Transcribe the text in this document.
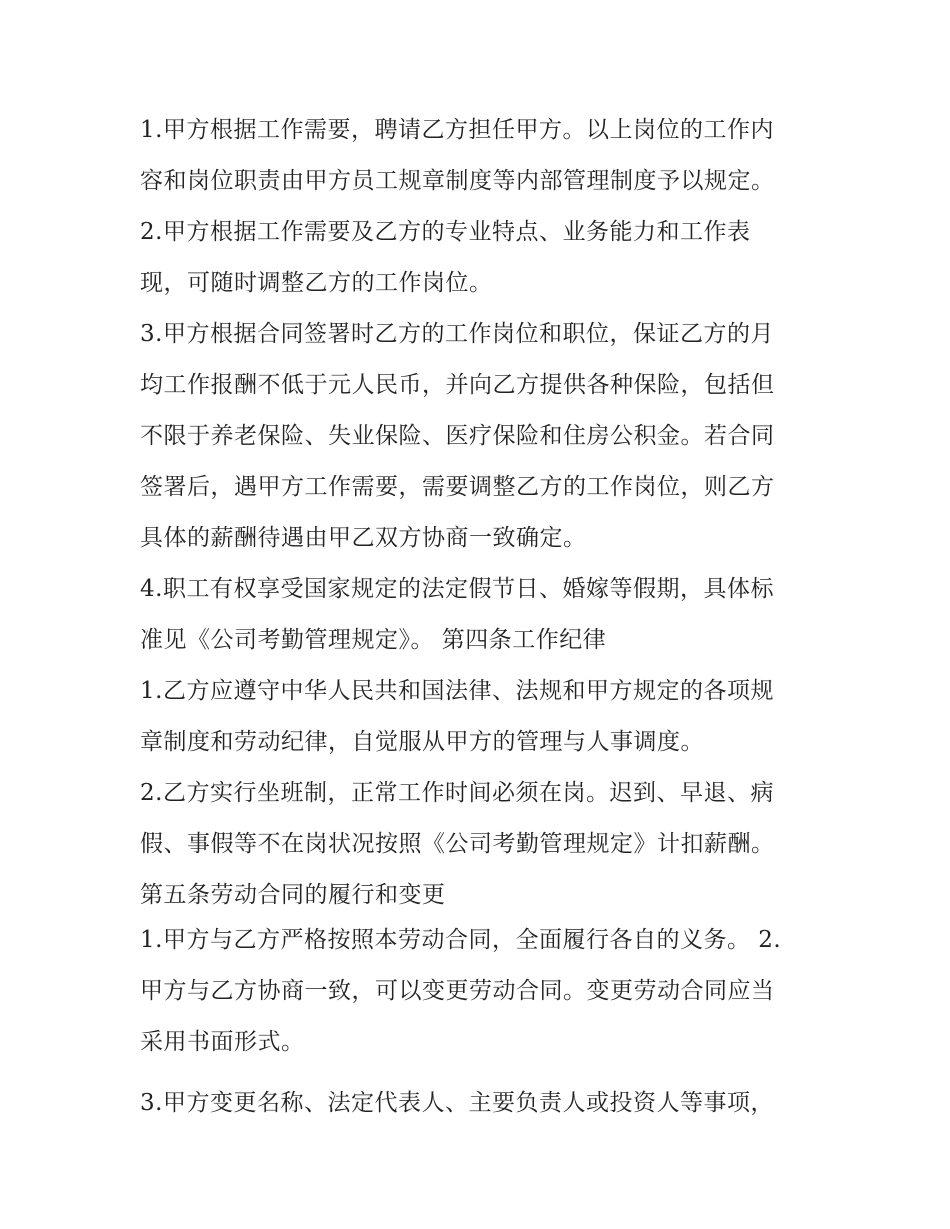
1.甲方根据工作需要，聘请乙方担任甲方。以上岗位的工作内
容和岗位职责由甲方员工规章制度等内部管理制度予以规定。
2.甲方根据工作需要及乙方的专业特点、业务能力和工作表
现，可随时调整乙方的工作岗位。
3.甲方根据合同签署时乙方的工作岗位和职位，保证乙方的月
均工作报酬不低于元人民币，并向乙方提供各种保险，包括但
不限于养老保险、失业保险、医疗保险和住房公积金。若合同
签署后，遇甲方工作需要，需要调整乙方的工作岗位，则乙方
具体的薪酬待遇由甲乙双方协商一致确定。
4.职工有权享受国家规定的法定假节日、婚嫁等假期，具体标
准见《公司考勤管理规定》。 第四条工作纪律
1.乙方应遵守中华人民共和国法律、法规和甲方规定的各项规
章制度和劳动纪律，自觉服从甲方的管理与人事调度。
2.乙方实行坐班制，正常工作时间必须在岗。迟到、早退、病
假、事假等不在岗状况按照《公司考勤管理规定》计扣薪酬。
第五条劳动合同的履行和变更
1.甲方与乙方严格按照本劳动合同，全面履行各自的义务。 2.
甲方与乙方协商一致，可以变更劳动合同。变更劳动合同应当
采用书面形式。
3.甲方变更名称、法定代表人、主要负责人或投资人等事项，
